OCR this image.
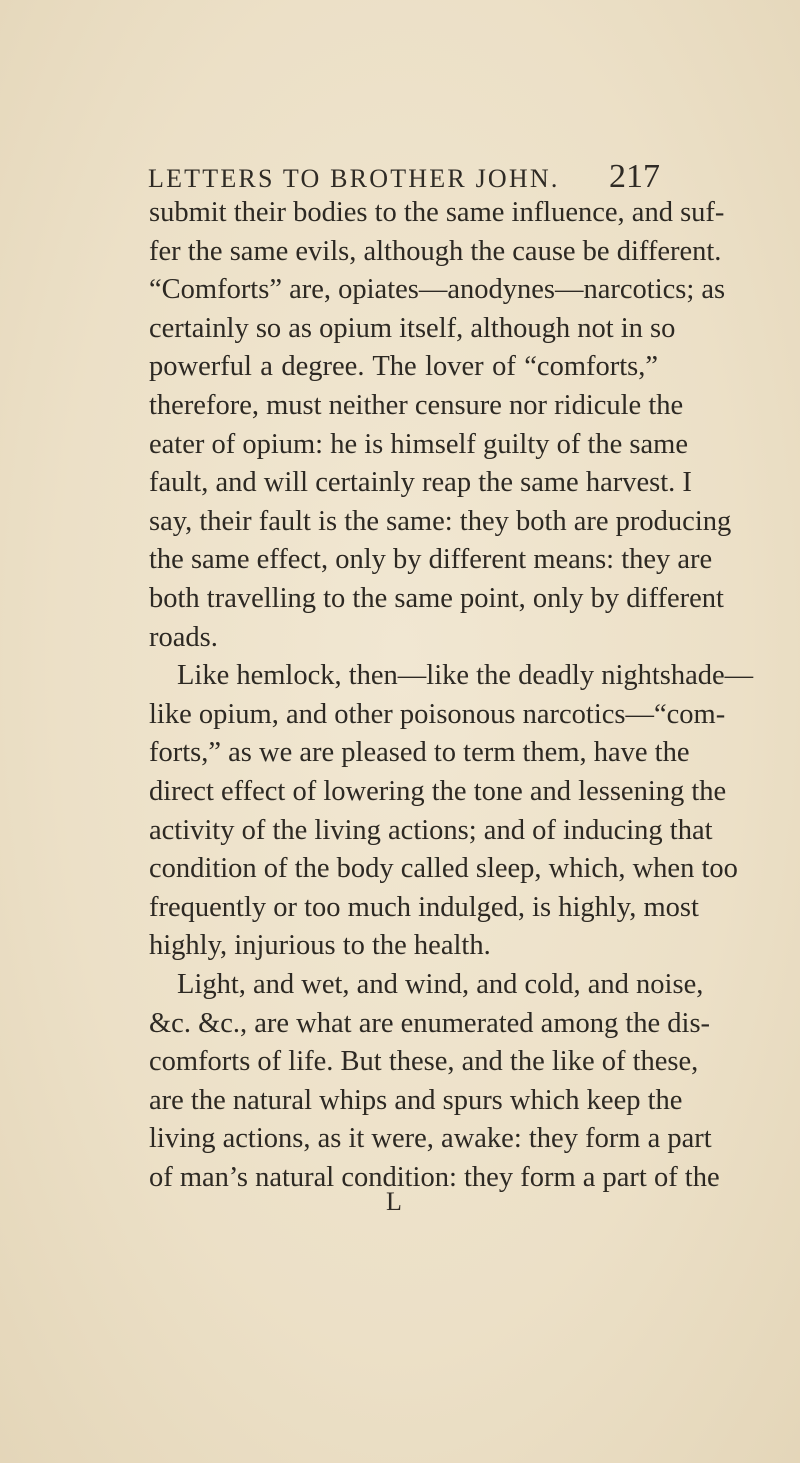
LETTERS TO BROTHER JOHN. 217
submit their bodies to the same influence, and suf-
fer the same evils, although the cause be different.
“Comforts” are, opiates—anodynes—narcotics; as
certainly so as opium itself, although not in so
powerful a degree. The lover of “comforts,”
therefore, must neither censure nor ridicule the
eater of opium: he is himself guilty of the same
fault, and will certainly reap the same harvest. I
say, their fault is the same: they both are producing
the same effect, only by different means: they are
both travelling to the same point, only by different
roads.
Like hemlock, then—like the deadly nightshade—
like opium, and other poisonous narcotics—“com-
forts,” as we are pleased to term them, have the
direct effect of lowering the tone and lessening the
activity of the living actions; and of inducing that
condition of the body called sleep, which, when too
frequently or too much indulged, is highly, most
highly, injurious to the health.
Light, and wet, and wind, and cold, and noise,
&c. &c., are what are enumerated among the dis-
comforts of life. But these, and the like of these,
are the natural whips and spurs which keep the
living actions, as it were, awake: they form a part
of man’s natural condition: they form a part of the
L
